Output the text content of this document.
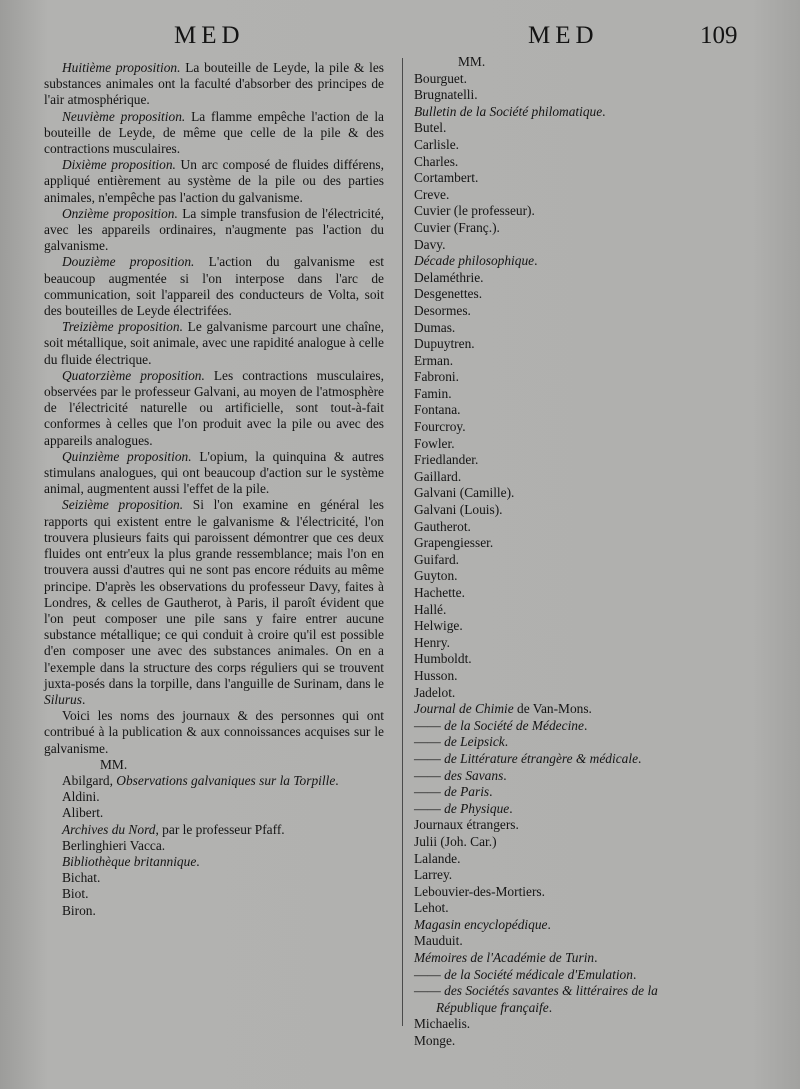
MED	MED	109

Huitième proposition. La bouteille de Leyde, la pile & les substances animales ont la faculté d'absorber des principes de l'air atmosphérique.

Neuvième proposition. La flamme empêche l'action de la bouteille de Leyde, de même que celle de la pile & des contractions musculaires.

Dixième proposition. Un arc composé de fluides différens, appliqué entièrement au système de la pile ou des parties animales, n'empêche pas l'action du galvanisme.

Onzième proposition. La simple transfusion de l'électricité, avec les appareils ordinaires, n'augmente pas l'action du galvanisme.

Douzième proposition. L'action du galvanisme est beaucoup augmentée si l'on interpose dans l'arc de communication, soit l'appareil des conducteurs de Volta, soit des bouteilles de Leyde électrifées.

Treizième proposition. Le galvanisme parcourt une chaîne, soit métallique, soit animale, avec une rapidité analogue à celle du fluide électrique.

Quatorzième proposition. Les contractions musculaires, observées par le professeur Galvani, au moyen de l'atmosphère de l'électricité naturelle ou artificielle, sont tout-à-fait conformes à celles que l'on produit avec la pile ou avec des appareils analogues.

Quinzième proposition. L'opium, la quinquina & autres stimulans analogues, qui ont beaucoup d'action sur le système animal, augmentent aussi l'effet de la pile.

Seizième proposition. Si l'on examine en général les rapports qui existent entre le galvanisme & l'électricité, l'on trouvera plusieurs faits qui paroissent démontrer que ces deux fluides ont entr'eux la plus grande ressemblance; mais l'on en trouvera aussi d'autres qui ne sont pas encore réduits au même principe. D'après les observations du professeur Davy, faites à Londres, & celles de Gautherot, à Paris, il paroît évident que l'on peut composer une pile sans y faire entrer aucune substance métallique; ce qui conduit à croire qu'il est possible d'en composer une avec des substances animales. On en a l'exemple dans la structure des corps réguliers qui se trouvent juxta-posés dans la torpille, dans l'anguille de Surinam, dans le Silurus.

Voici les noms des journaux & des personnes qui ont contribué à la publication & aux connoissances acquises sur le galvanisme.

MM.

Abilgard, Observations galvaniques sur la Torpille.

Aldini.

Alibert.

Archives du Nord, par le professeur Pfaff.

Berlinghieri Vacca.

Bibliothèque britannique.

Bichat.

Biot.

Biron.

MM.
Bourguet.
Brugnatelli.
Bulletin de la Société philomatique.
Butel.
Carlisle.
Charles.
Cortambert.
Creve.
Cuvier (le professeur).
Cuvier (Franç.).
Davy.
Décade philosophique.
Delaméthrie.
Desgenettes.
Desormes.
Dumas.
Dupuytren.
Erman.
Fabroni.
Famin.
Fontana.
Fourcroy.
Fowler.
Friedlander.
Gaillard.
Galvani (Camille).
Galvani (Louis).
Gautherot.
Grapengiesser.
Guifard.
Guyton.
Hachette.
Hallé.
Helwige.
Henry.
Humboldt.
Husson.
Jadelot.
Journal de Chimie de Van-Mons.
—— de la Société de Médecine.
—— de Leipsick.
—— de Littérature étrangère & médicale.
—— des Savans.
—— de Paris.
—— de Physique.
Journaux étrangers.
Julii (Joh. Car.)
Lalande.
Larrey.
Lebouvier-des-Mortiers.
Lehot.
Magasin encyclopédique.
Mauduit.
Mémoires de l'Académie de Turin.
—— de la Société médicale d'Emulation.
—— des Sociétés savantes & littéraires de la
République françaife.
Michaelis.
Monge.
